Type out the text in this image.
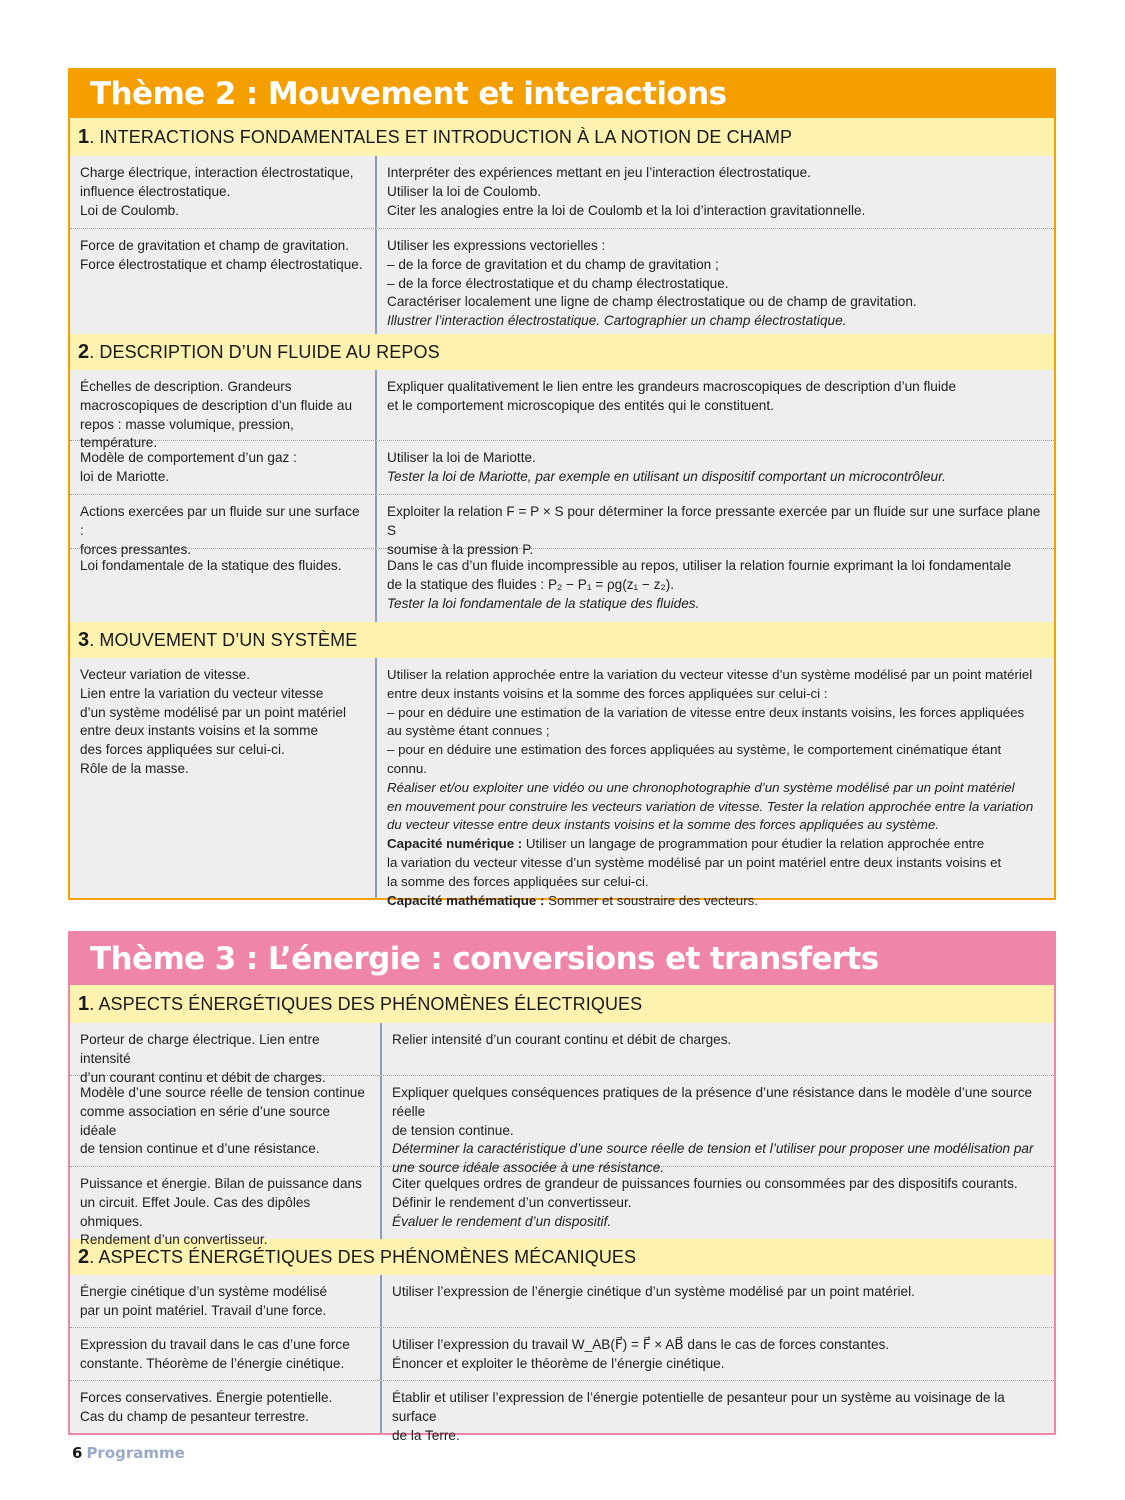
Thème 2 : Mouvement et interactions
1 . INTERACTIONS FONDAMENTALES ET INTRODUCTION À LA NOTION DE CHAMP
Charge électrique, interaction électrostatique,
influence électrostatique.
Loi de Coulomb.
Interpréter des expériences mettant en jeu l’interaction électrostatique.
Utiliser la loi de Coulomb.
Citer les analogies entre la loi de Coulomb et la loi d’interaction gravitationnelle.
Force de gravitation et champ de gravitation.
Force électrostatique et champ électrostatique.
Utiliser les expressions vectorielles :
– de la force de gravitation et du champ de gravitation ;
– de la force électrostatique et du champ électrostatique.
Caractériser localement une ligne de champ électrostatique ou de champ de gravitation.
Illustrer l’interaction électrostatique. Cartographier un champ électrostatique.
2 . DESCRIPTION D’UN FLUIDE AU REPOS
Échelles de description. Grandeurs
macroscopiques de description d’un fluide au
repos : masse volumique, pression, température.
Expliquer qualitativement le lien entre les grandeurs macroscopiques de description d’un fluide
et le comportement microscopique des entités qui le constituent.
Modèle de comportement d’un gaz :
loi de Mariotte.
Utiliser la loi de Mariotte.
Tester la loi de Mariotte, par exemple en utilisant un dispositif comportant un microcontrôleur.
Actions exercées par un fluide sur une surface :
forces pressantes.
Exploiter la relation F = P × S pour déterminer la force pressante exercée par un fluide sur une surface plane S
soumise à la pression P.
Loi fondamentale de la statique des fluides.	Dans le cas d’un fluide incompressible au repos, utiliser la relation fournie exprimant la loi fondamentale
de la statique des fluides : P₂ − P₁ = ρg(z₁ − z₂).
Tester la loi fondamentale de la statique des fluides.
3 . MOUVEMENT D’UN SYSTÈME
Vecteur variation de vitesse.
Lien entre la variation du vecteur vitesse
d’un système modélisé par un point matériel
entre deux instants voisins et la somme
des forces appliquées sur celui-ci.
Rôle de la masse.
Utiliser la relation approchée entre la variation du vecteur vitesse d’un système modélisé par un point matériel
entre deux instants voisins et la somme des forces appliquées sur celui-ci :
– pour en déduire une estimation de la variation de vitesse entre deux instants voisins, les forces appliquées
au système étant connues ;
– pour en déduire une estimation des forces appliquées au système, le comportement cinématique étant connu.
Réaliser et/ou exploiter une vidéo ou une chronophotographie d’un système modélisé par un point matériel
en mouvement pour construire les vecteurs variation de vitesse. Tester la relation approchée entre la variation
du vecteur vitesse entre deux instants voisins et la somme des forces appliquées au système.
Capacité numérique : Utiliser un langage de programmation pour étudier la relation approchée entre
la variation du vecteur vitesse d’un système modélisé par un point matériel entre deux instants voisins et
la somme des forces appliquées sur celui-ci.
Capacité mathématique : Sommer et soustraire des vecteurs.
Thème 3 : L’énergie : conversions et transferts
1 . ASPECTS ÉNERGÉTIQUES DES PHÉNOMÈNES ÉLECTRIQUES
Porteur de charge électrique. Lien entre intensité
d’un courant continu et débit de charges.
Relier intensité d’un courant continu et débit de charges.
Modèle d’une source réelle de tension continue
comme association en série d’une source idéale
de tension continue et d’une résistance.
Expliquer quelques conséquences pratiques de la présence d’une résistance dans le modèle d’une source réelle
de tension continue.
Déterminer la caractéristique d’une source réelle de tension et l’utiliser pour proposer une modélisation par
une source idéale associée à une résistance.
Puissance et énergie. Bilan de puissance dans
un circuit. Effet Joule. Cas des dipôles ohmiques.
Rendement d’un convertisseur.
Citer quelques ordres de grandeur de puissances fournies ou consommées par des dispositifs courants.
Définir le rendement d’un convertisseur.
Évaluer le rendement d’un dispositif.
2 . ASPECTS ÉNERGÉTIQUES DES PHÉNOMÈNES MÉCANIQUES
Énergie cinétique d’un système modélisé
par un point matériel. Travail d’une force.
Utiliser l’expression de l’énergie cinétique d’un système modélisé par un point matériel.
Expression du travail dans le cas d’une force
constante. Théorème de l’énergie cinétique.
Utiliser l’expression du travail W_AB(F⃗) = F⃗ × AB⃗ dans le cas de forces constantes.
Énoncer et exploiter le théorème de l’énergie cinétique.
Forces conservatives. Énergie potentielle.
Cas du champ de pesanteur terrestre.
Établir et utiliser l’expression de l’énergie potentielle de pesanteur pour un système au voisinage de la surface
de la Terre.
6 Programme
